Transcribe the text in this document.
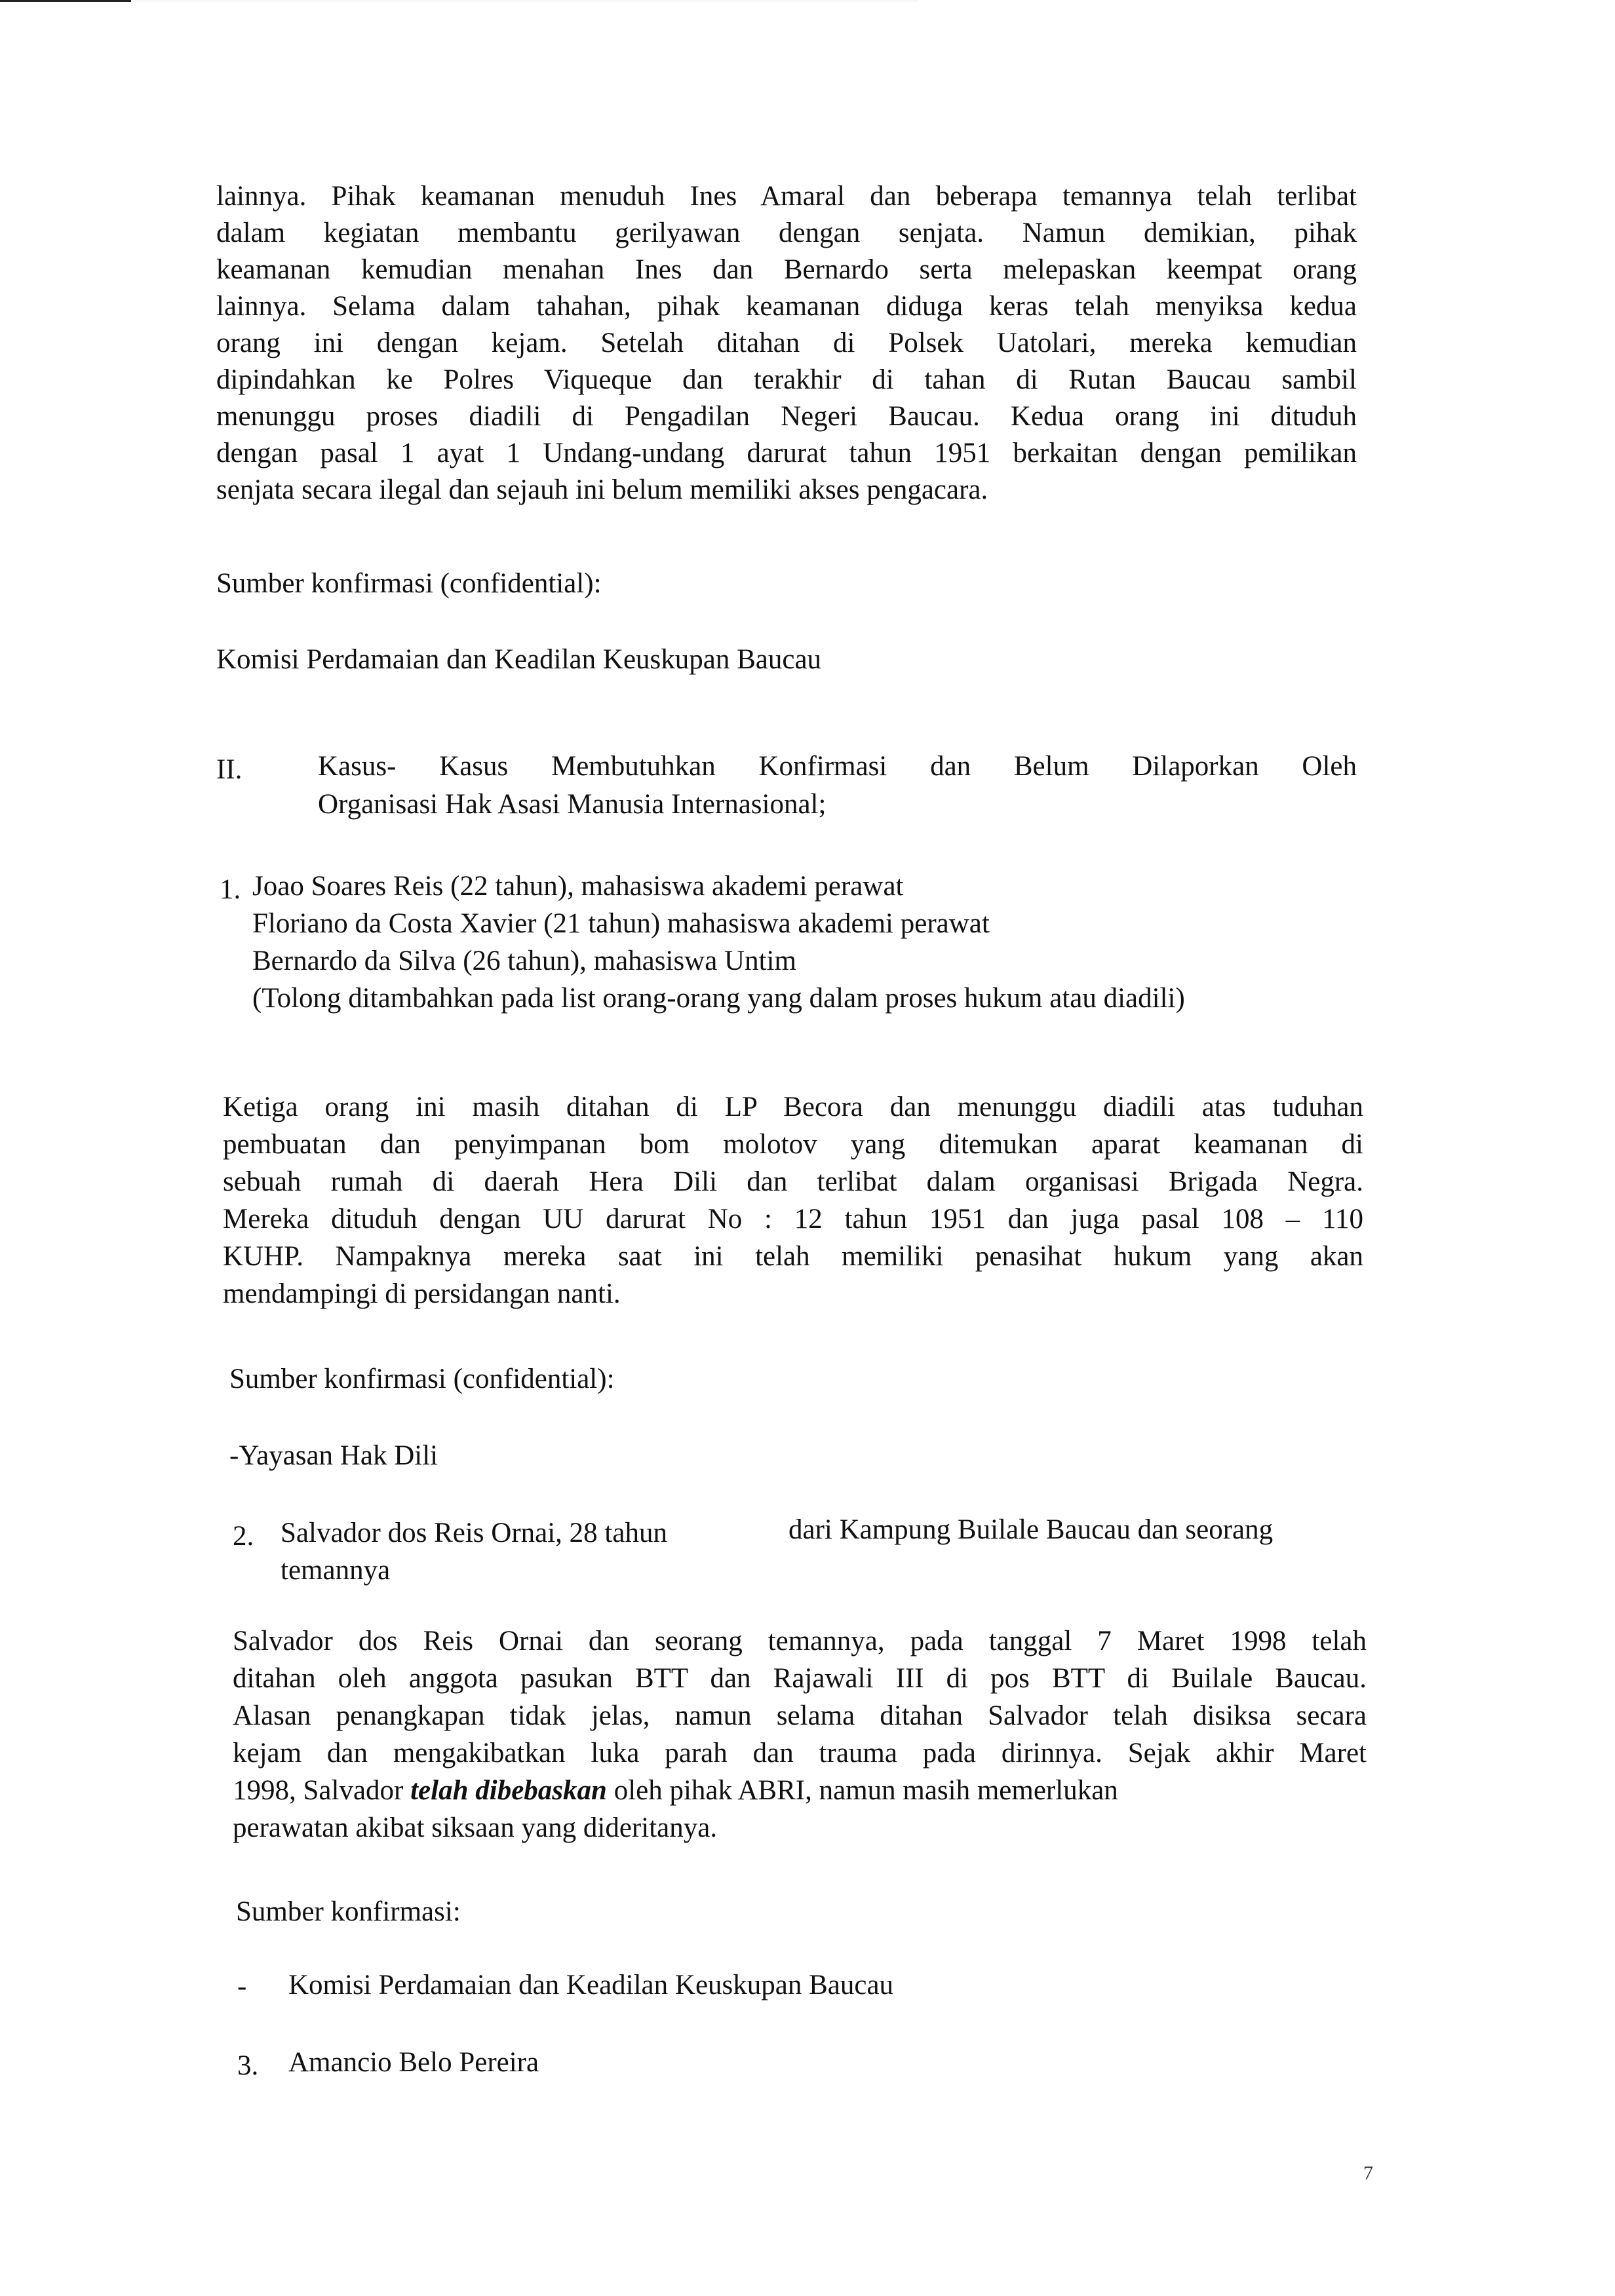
lainnya. Pihak keamanan menuduh Ines Amaral dan beberapa temannya telah terlibat
dalam kegiatan membantu gerilyawan dengan senjata. Namun demikian, pihak
keamanan kemudian menahan Ines dan Bernardo serta melepaskan keempat orang
lainnya. Selama dalam tahahan, pihak keamanan diduga keras telah menyiksa kedua
orang ini dengan kejam. Setelah ditahan di Polsek Uatolari, mereka kemudian
dipindahkan ke Polres Viqueque dan terakhir di tahan di Rutan Baucau sambil
menunggu proses diadili di Pengadilan Negeri Baucau. Kedua orang ini dituduh
dengan pasal 1 ayat 1 Undang-undang darurat tahun 1951 berkaitan dengan pemilikan
senjata secara ilegal dan sejauh ini belum memiliki akses pengacara.
Sumber konfirmasi (confidential):
Komisi Perdamaian dan Keadilan Keuskupan Baucau
II.	Kasus- Kasus Membutuhkan Konfirmasi dan Belum Dilaporkan Oleh
Organisasi Hak Asasi Manusia Internasional;
1. Joao Soares Reis (22 tahun), mahasiswa akademi perawat
Floriano da Costa Xavier (21 tahun) mahasiswa akademi perawat
Bernardo da Silva (26 tahun), mahasiswa Untim
(Tolong ditambahkan pada list orang-orang yang dalam proses hukum atau diadili)
Ketiga orang ini masih ditahan di LP Becora dan menunggu diadili atas tuduhan
pembuatan dan penyimpanan bom molotov yang ditemukan aparat keamanan di
sebuah rumah di daerah Hera Dili dan terlibat dalam organisasi Brigada Negra.
Mereka dituduh dengan UU darurat No : 12 tahun 1951 dan juga pasal 108 – 110
KUHP. Nampaknya mereka saat ini telah memiliki penasihat hukum yang akan
mendampingi di persidangan nanti.
Sumber konfirmasi (confidential):
-Yayasan Hak Dili
2. Salvador dos Reis Ornai, 28 tahun	dari Kampung Builale Baucau dan seorang
temannya
Salvador dos Reis Ornai dan seorang temannya, pada tanggal 7 Maret 1998 telah
ditahan oleh anggota pasukan BTT dan Rajawali III di pos BTT di Builale Baucau.
Alasan penangkapan tidak jelas, namun selama ditahan Salvador telah disiksa secara
kejam dan mengakibatkan luka parah dan trauma pada dirinnya. Sejak akhir Maret
1998, Salvador telah dibebaskan oleh pihak ABRI, namun masih memerlukan
perawatan akibat siksaan yang dideritanya.
Sumber konfirmasi:
- Komisi Perdamaian dan Keadilan Keuskupan Baucau
3. Amancio Belo Pereira
7
